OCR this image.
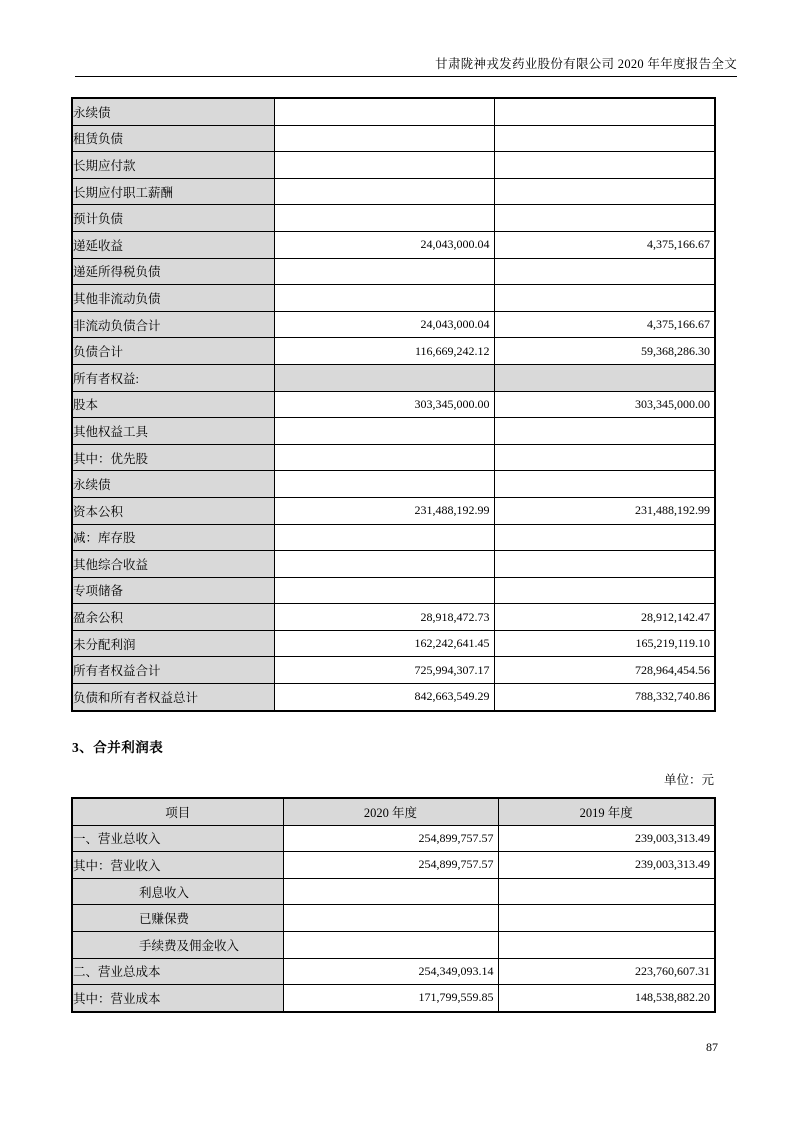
甘肃陇神戎发药业股份有限公司 2020 年年度报告全文
永续债		
租赁负债		
长期应付款		
长期应付职工薪酬		
预计负债		
递延收益	24,043,000.04	4,375,166.67
递延所得税负债		
其他非流动负债		
非流动负债合计	24,043,000.04	4,375,166.67
负债合计	116,669,242.12	59,368,286.30
所有者权益:		
股本	303,345,000.00	303,345,000.00
其他权益工具		
其中：优先股		
永续债		
资本公积	231,488,192.99	231,488,192.99
减：库存股		
其他综合收益		
专项储备		
盈余公积	28,918,472.73	28,912,142.47
未分配利润	162,242,641.45	165,219,119.10
所有者权益合计	725,994,307.17	728,964,454.56
负债和所有者权益总计	842,663,549.29	788,332,740.86
3、合并利润表
单位：元
项目	2020 年度	2019 年度
一、营业总收入	254,899,757.57	239,003,313.49
其中：营业收入	254,899,757.57	239,003,313.49
利息收入		
已赚保费		
手续费及佣金收入		
二、营业总成本	254,349,093.14	223,760,607.31
其中：营业成本	171,799,559.85	148,538,882.20
87
